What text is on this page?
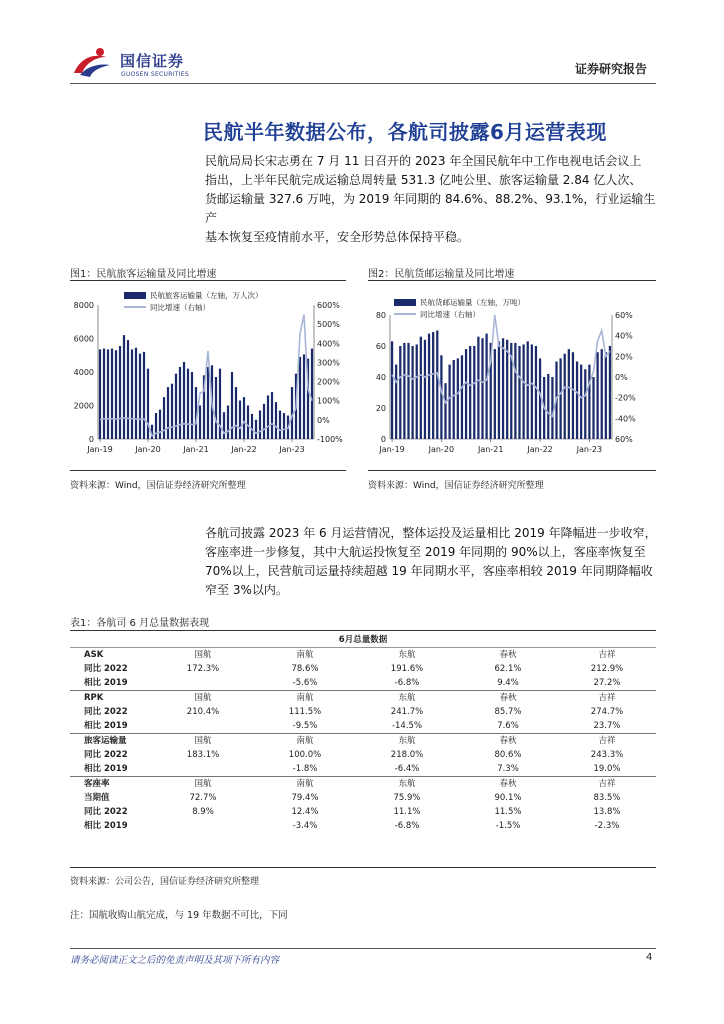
国信证券
GUOSEN SECURITIES	证券研究报告
民航半年数据公布，各航司披露6月运营表现
民航局局长宋志勇在 7 月 11 日召开的 2023 年全国民航年中工作电视电话会议上
指出，上半年民航完成运输总周转量 531.3 亿吨公里、旅客运输量 2.84 亿人次、
货邮运输量 327.6 万吨，为 2019 年同期的 84.6%、88.2%、93.1%，行业运输生产
基本恢复至疫情前水平，安全形势总体保持平稳。
图1：民航旅客运输量及同比增速	图2：民航货邮运输量及同比增速
8000
6000
4000
2000
0
600%
500%
400%
300%
200%
100%
0%
-100%
Jan-19	Jan-20	Jan-21	Jan-22	Jan-23
民航旅客运输量（左轴，万人次）
同比增速（右轴）
80
60
40
20
0
60%
40%
20%
0%
-20%
-40%
60%
Jan-19	Jan-20	Jan-21	Jan-22	Jan-23
民航货邮运输量（左轴，万吨）
同比增速（右轴）
资料来源：Wind，国信证券经济研究所整理	资料来源：Wind，国信证券经济研究所整理
各航司披露 2023 年 6 月运营情况，整体运投及运量相比 2019 年降幅进一步收窄，
客座率进一步修复，其中大航运投恢复至 2019 年同期的 90%以上，客座率恢复至
70%以上，民营航司运量持续超越 19 年同期水平，客座率相较 2019 年同期降幅收
窄至 3%以内。
表1：各航司 6 月总量数据表现
6月总量数据
ASK	国航	南航	东航	春秋	吉祥
同比 2022	172.3%	78.6%	191.6%	62.1%	212.9%
相比 2019		-5.6%	-6.8%	9.4%	27.2%
RPK	国航	南航	东航	春秋	吉祥
同比 2022	210.4%	111.5%	241.7%	85.7%	274.7%
相比 2019		-9.5%	-14.5%	7.6%	23.7%
旅客运输量	国航	南航	东航	春秋	吉祥
同比 2022	183.1%	100.0%	218.0%	80.6%	243.3%
相比 2019		-1.8%	-6.4%	7.3%	19.0%
客座率	国航	南航	东航	春秋	吉祥
当期值	72.7%	79.4%	75.9%	90.1%	83.5%
同比 2022	8.9%	12.4%	11.1%	11.5%	13.8%
相比 2019		-3.4%	-6.8%	-1.5%	-2.3%
资料来源：公司公告，国信证券经济研究所整理
注：国航收购山航完成，与 19 年数据不可比，下同
请务必阅读正文之后的免责声明及其项下所有内容	4
